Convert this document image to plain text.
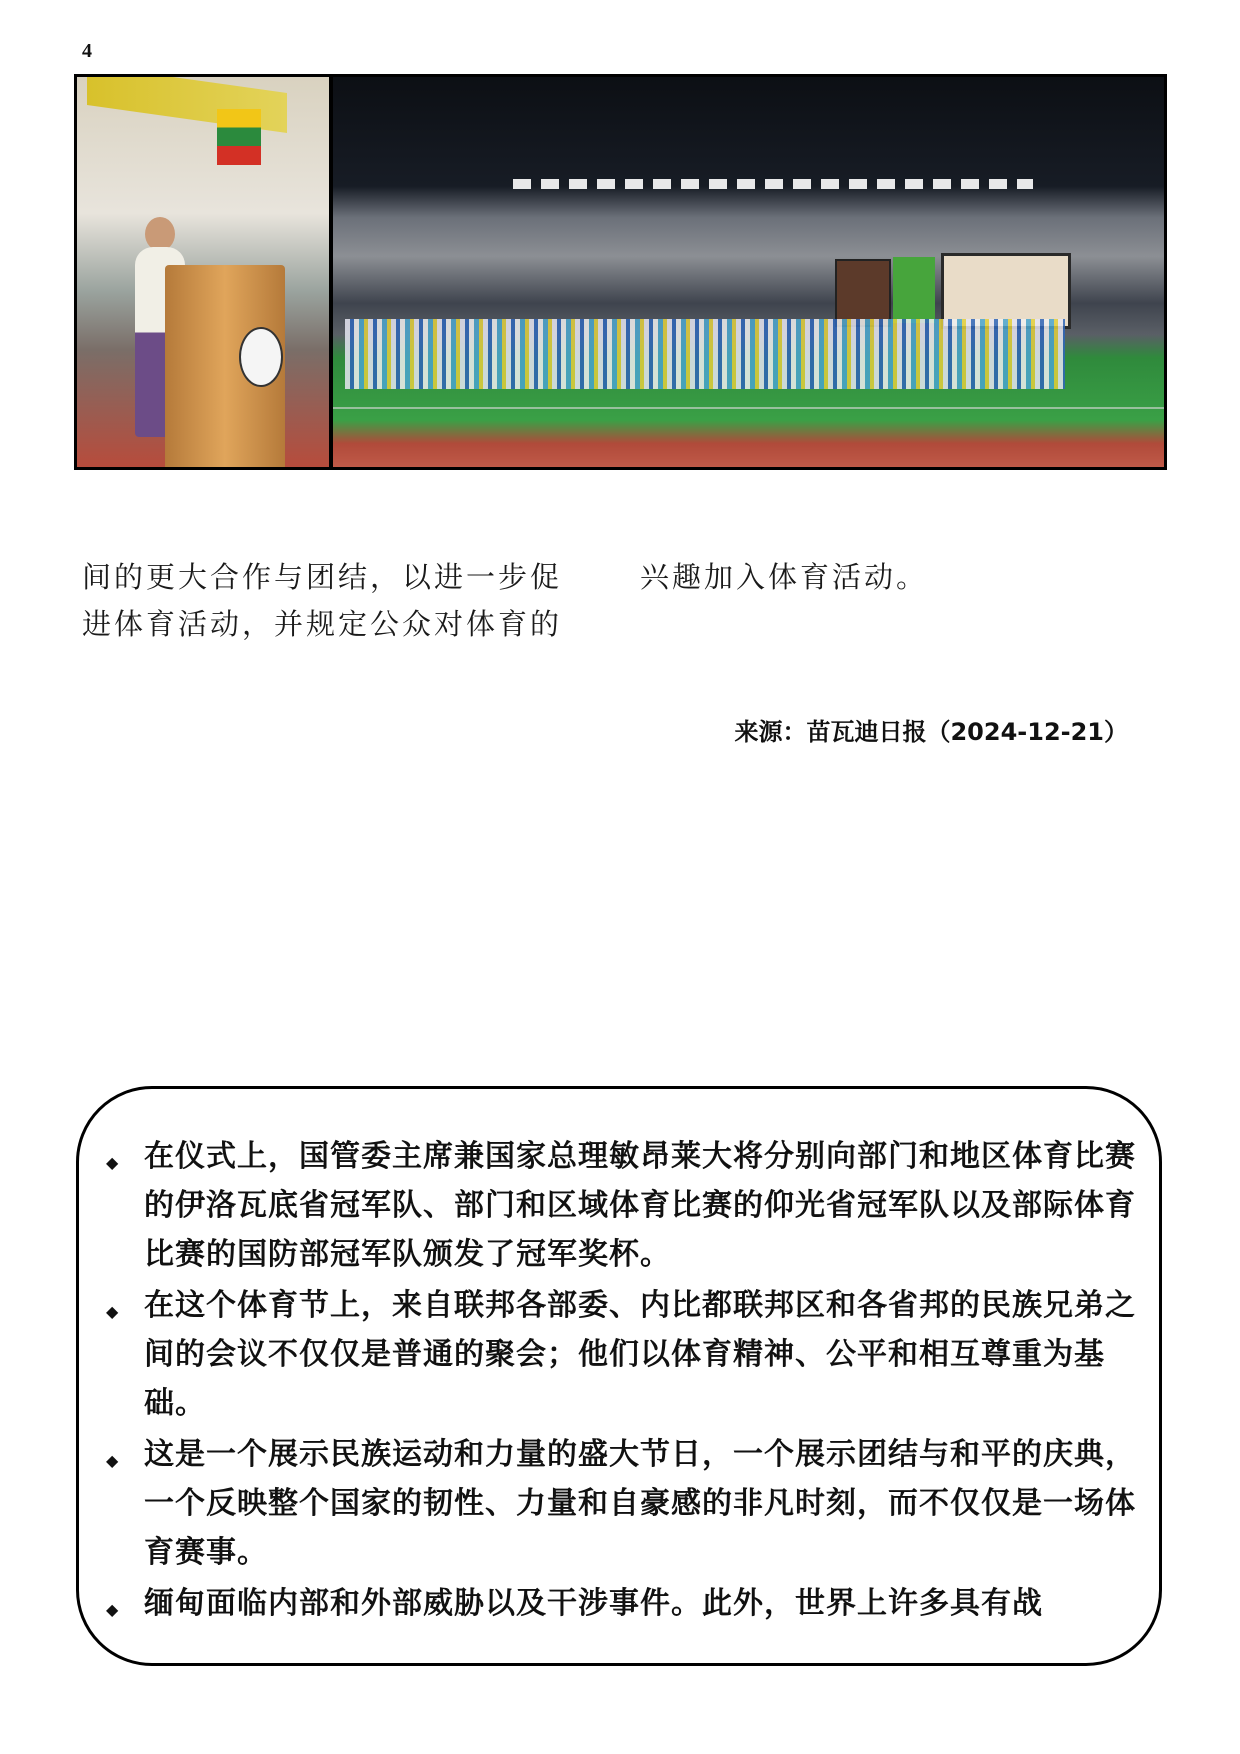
4
间的更大合作与团结，以进一步促
进体育活动，并规定公众对体育的
兴趣加入体育活动。
来源：苗瓦迪日报（2024-12-21）
◆ 在仪式上，国管委主席兼国家总理敏昂莱大将分别向部门和地区体育比赛的伊洛瓦底省冠军队、部门和区域体育比赛的仰光省冠军队以及部际体育比赛的国防部冠军队颁发了冠军奖杯。
◆ 在这个体育节上，来自联邦各部委、内比都联邦区和各省邦的民族兄弟之间的会议不仅仅是普通的聚会；他们以体育精神、公平和相互尊重为基础。
◆ 这是一个展示民族运动和力量的盛大节日，一个展示团结与和平的庆典，一个反映整个国家的韧性、力量和自豪感的非凡时刻，而不仅仅是一场体育赛事。
◆ 缅甸面临内部和外部威胁以及干涉事件。此外，世界上许多具有战
